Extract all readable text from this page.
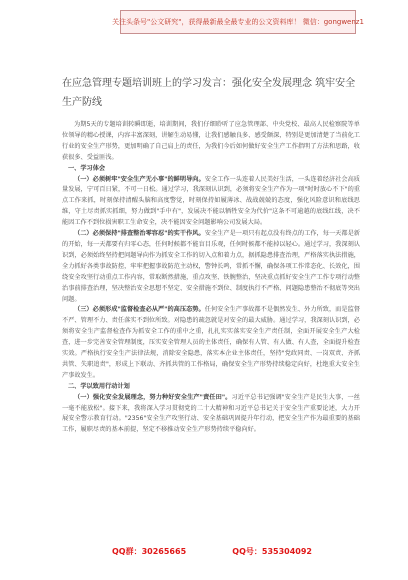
关注头条号"公文研究"，获得最新最全最专业的公文资料库！ 微信：gongwenz1
在应急管理专题培训班上的学习发言：强化安全发展理念 筑牢安全生产防线

为期5天的专题培训转瞬即逝，培训期间，我们仔细聆听了应急管理部、中央党校、最高人民检察院等单位领导的精心授课，内容丰富深刻，讲解生动易懂，让我们感触良多、感受颇深，特别是更加清楚了当前化工行业的安全生产形势，更加明确了自己肩上的责任，为我们今后如何做好安全生产工作指明了方法和思路，收获很多、受益匪浅。

一、学习体会

（一）必须树牢"安全生产无小事"的鲜明导向。安全工作一头连着人民美好生活，一头连着经济社会高质量发展，宁可百日紧，不可一日松。通过学习，我深刻认识到，必须将安全生产作为一项"时时放心不下"的重点工作来抓，时刻保持清醒头脑和高度警觉，时刻保持如履薄冰、战战兢兢的态度，强化风险意识和底线思维，守土尽责抓实抓细，努力做到"手中有"，发展决不能以牺牲安全为代价"这条不可逾越的底线红线，决不能因工作不到位损害职工生命安全，决不能因安全问题影响公司发展大局。

（二）必须保持"排查整治零容忍"的实干作风。安全生产是一项只有起点没有终点的工作，每一天都是新的开始，每一天都要有归零心态，任何时候都不能盲目乐观，任何时候都不能掉以轻心。通过学习，我深刻认识到，必须始终坚持把问题导向作为抓安全工作的切入点和着力点，据抓隐患排查治理，严格落实执法措施，全力抓好各类事故防控，牢牢把握事故防范主动权，警钟长鸣，常抓不懈，确保各项工作常态化、长效化，围绕安全攻坚行动重点工作内容，常取断然措施，重点攻坚、铁腕整治，坚决重点抓好安全生产工作专项行动整治事前排查治理，坚决整治安全思想不坚定、安全措施不到位、制度执行不严格、问题隐患整治不彻底等突出问题。

（三）必须形成"监督检查必从严"的高压态势。任何安全生产事故都不是偶然发生、外力所致，而是监督不严、管理不力、责任落实不到位所致。对隐患的疏忽就是对安全的最大威胁。通过学习，我深刻认识到，必须将安全生产监督检查作为抓安全工作的重中之重，扎扎实实落实安全生产责任制，全面开展安全生产大检查，进一步完善安全管理制度，压实安全管理人员的主体责任，确保有人管、有人做、有人查，全面提升检查实效。严格执行安全生产法律法规，消除安全隐患，落实本企业主体责任，坚持"党政同责、一岗双责、齐抓共管、失职追责"，形成上下联动、齐抓共管的工作格局，确保安全生产形势持续稳定向好，杜绝重大安全生产事故发生。

二、学以致用行动计划

（一）强化安全发展理念，努力种好安全生产"责任田"。习近平总书记强调"安全生产是民生大事，一丝一毫不能放松"。接下来，我将深入学习贯彻党的二十大精神和习近平总书记关于安全生产重要论述，大力开展安全警示教育行动。"2356"安全生产攻坚行动、安全基础巩固提升年行动，把安全生产作为最重要的基础工作，履职尽责的基本前提，坚定不移推动安全生产形势持续平稳向好。

QQ群：30265665	QQ号：535304092
